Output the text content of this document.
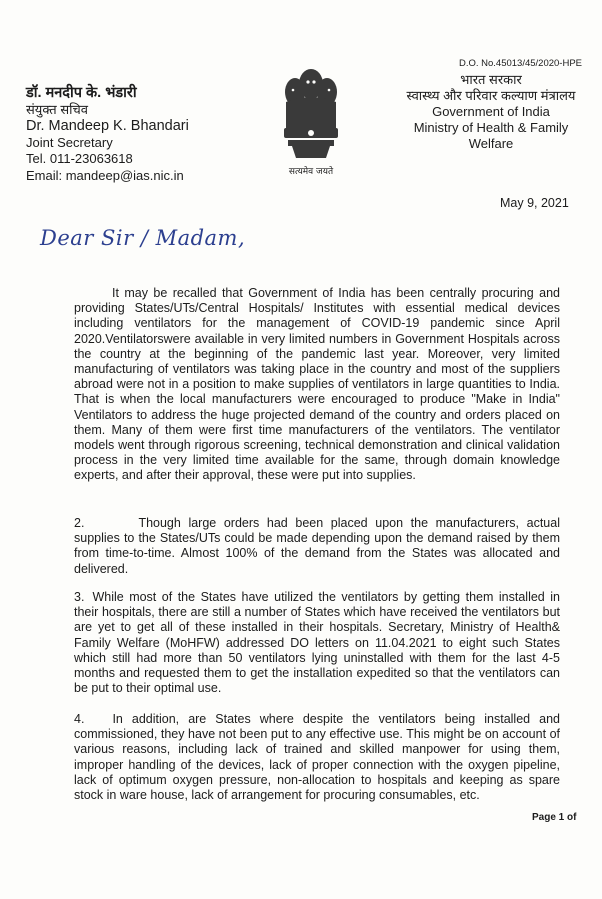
डॉ. मनदीप के. भंडारी
संयुक्त सचिव
Dr. Mandeep K. Bhandari
Joint Secretary
Tel. 011-23063618
Email: mandeep@ias.nic.in	सत्यमेव जयते
D.O. No.45013/45/2020-HPE
भारत सरकार
स्वास्थ्य और परिवार कल्याण मंत्रालय
Government of India
Ministry of Health & Family
Welfare
May 9, 2021
Dear Sir / Madam,
It may be recalled that Government of India has been centrally procuring and providing States/UTs/Central Hospitals/ Institutes with essential medical devices including ventilators for the management of COVID-19 pandemic since April 2020.Ventilatorswere available in very limited numbers in Government Hospitals across the country at the beginning of the pandemic last year. Moreover, very limited manufacturing of ventilators was taking place in the country and most of the suppliers abroad were not in a position to make supplies of ventilators in large quantities to India. That is when the local manufacturers were encouraged to produce "Make in India" Ventilators to address the huge projected demand of the country and orders placed on them. Many of them were first time manufacturers of the ventilators. The ventilator models went through rigorous screening, technical demonstration and clinical validation process in the very limited time available for the same, through domain knowledge experts, and after their approval, these were put into supplies.
2.	Though large orders had been placed upon the manufacturers, actual supplies to the States/UTs could be made depending upon the demand raised by them from time-to-time. Almost 100% of the demand from the States was allocated and delivered.
3. While most of the States have utilized the ventilators by getting them installed in their hospitals, there are still a number of States which have received the ventilators but are yet to get all of these installed in their hospitals. Secretary, Ministry of Health& Family Welfare (MoHFW) addressed DO letters on 11.04.2021 to eight such States which still had more than 50 ventilators lying uninstalled with them for the last 4-5 months and requested them to get the installation expedited so that the ventilators can be put to their optimal use.
4. In addition, are States where despite the ventilators being installed and commissioned, they have not been put to any effective use. This might be on account of various reasons, including lack of trained and skilled manpower for using them, improper handling of the devices, lack of proper connection with the oxygen pipeline, lack of optimum oxygen pressure, non-allocation to hospitals and keeping as spare stock in ware house, lack of arrangement for procuring consumables, etc.
Page 1 of
